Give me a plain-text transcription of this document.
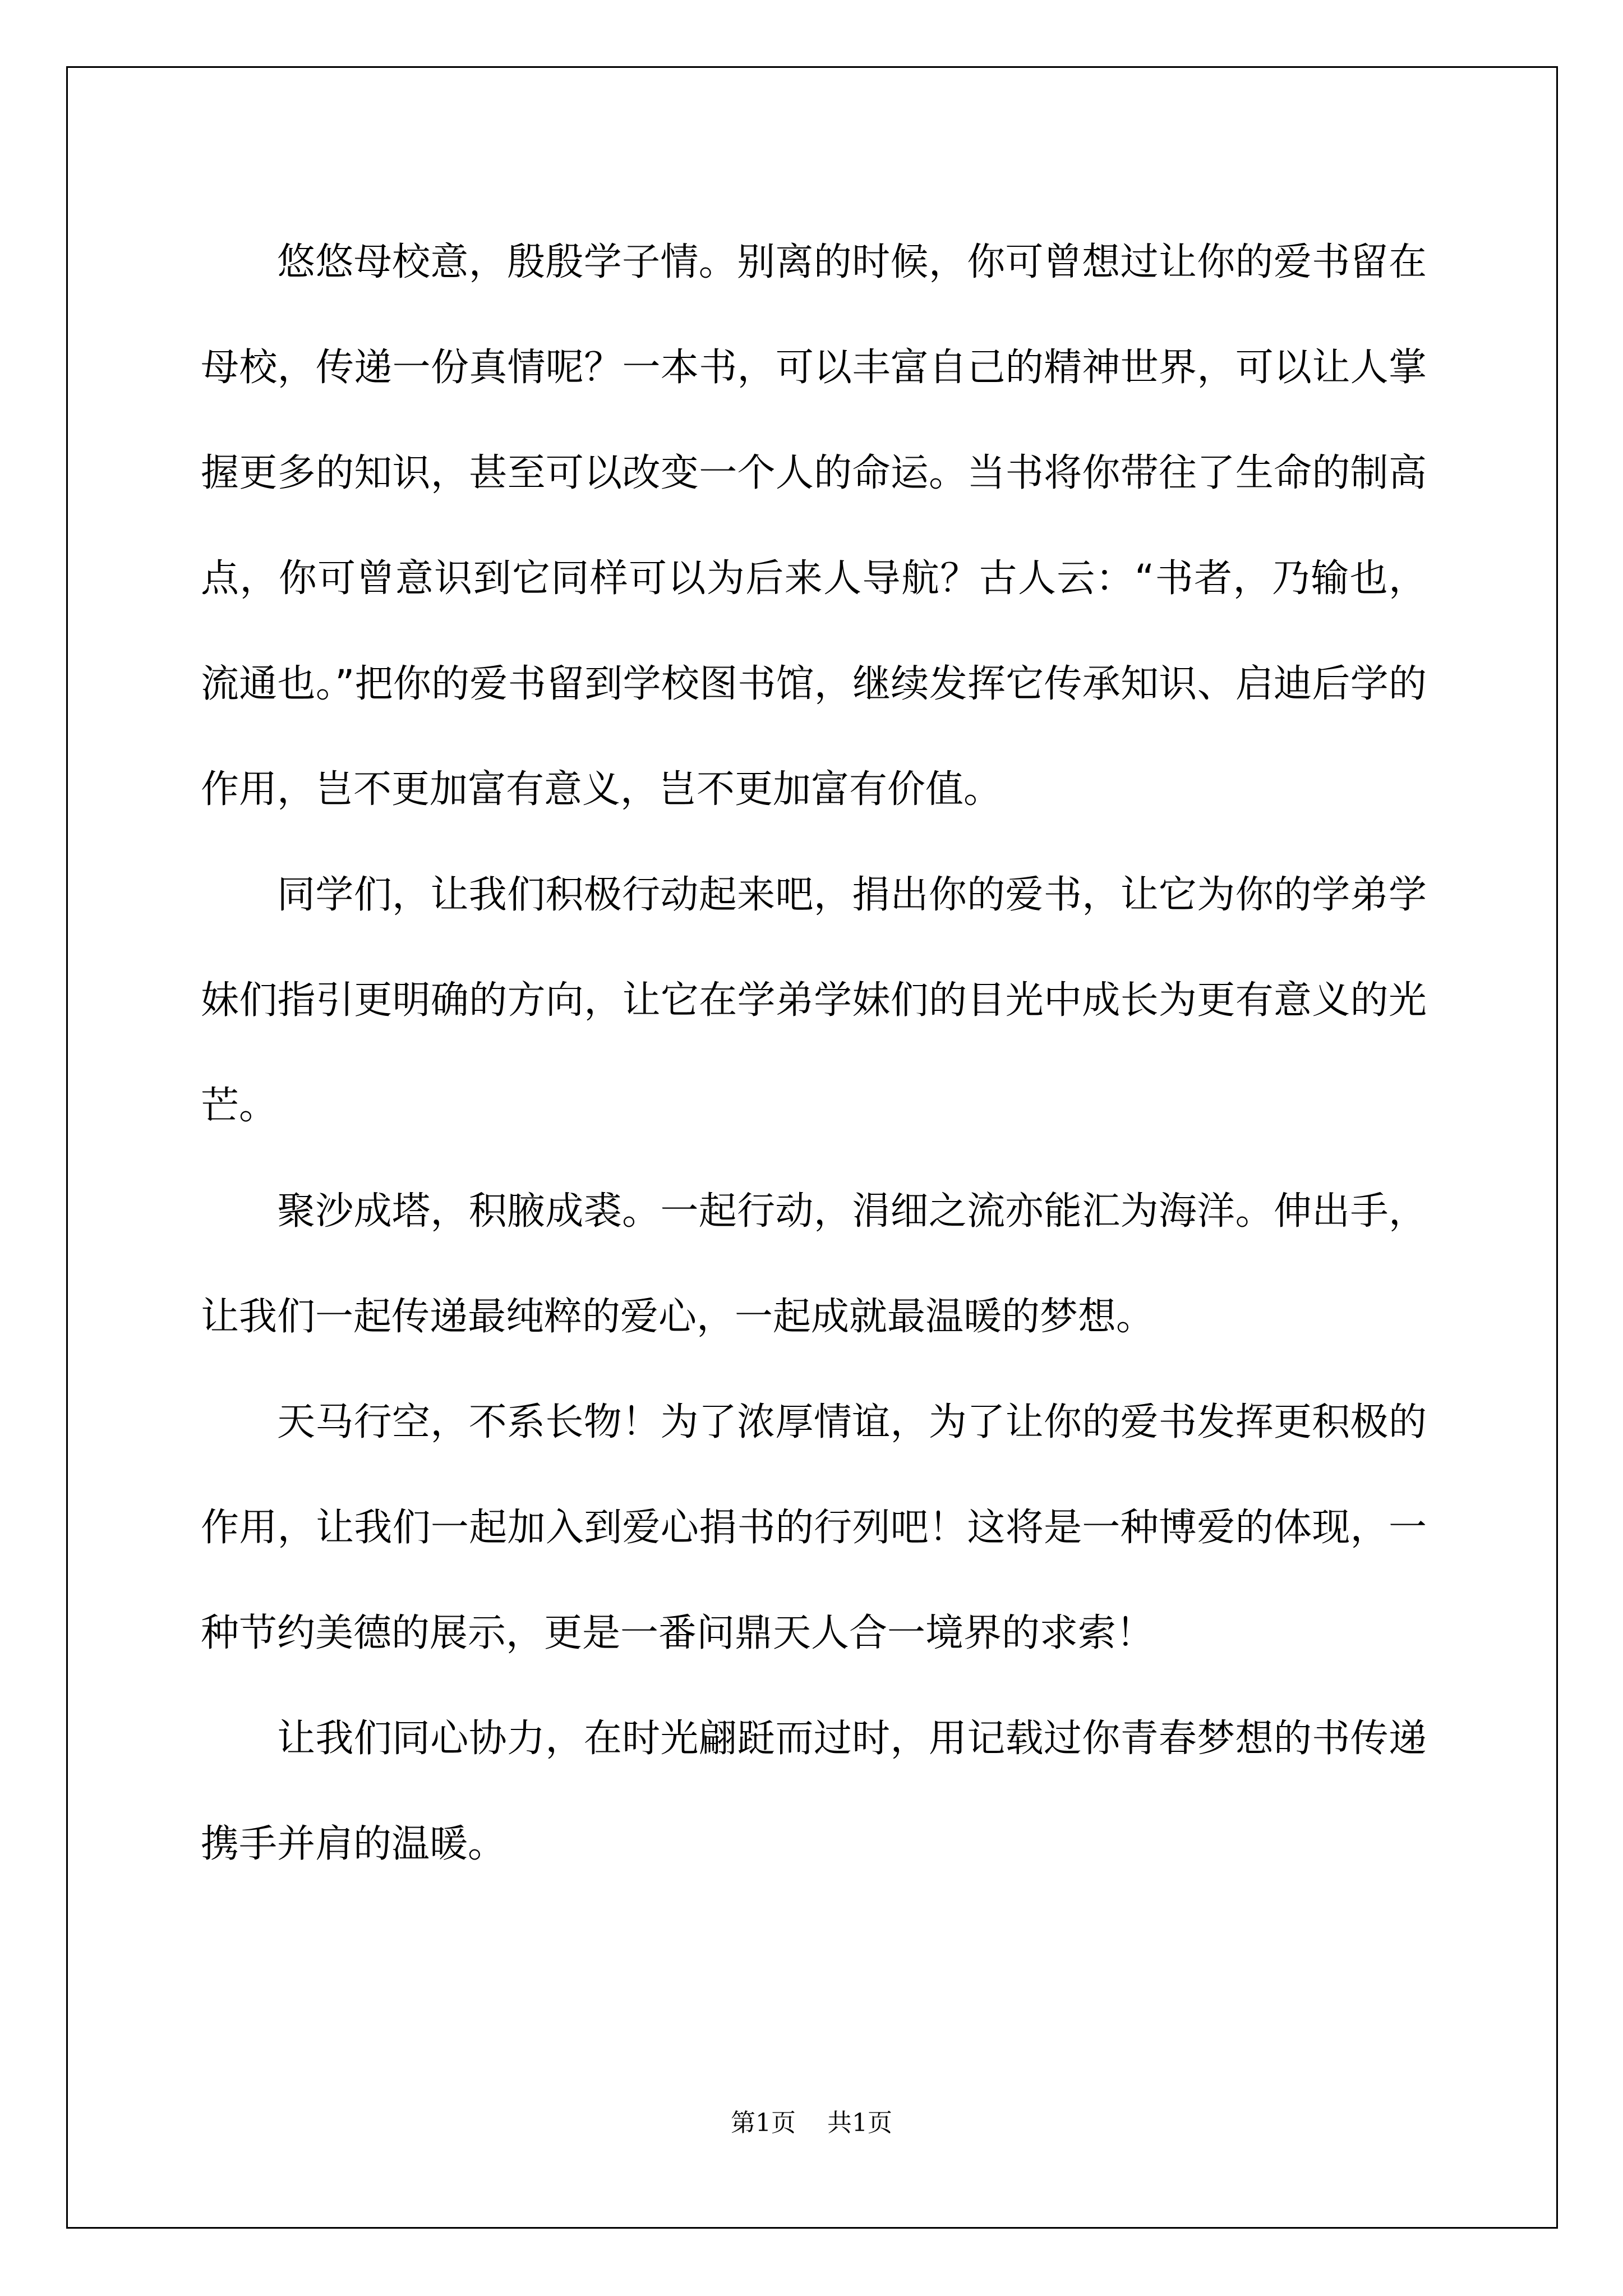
悠悠母校意，殷殷学子情。别离的时候，你可曾想过让你的爱书留在母校，传递一份真情呢？一本书，可以丰富自己的精神世界，可以让人掌握更多的知识，甚至可以改变一个人的命运。当书将你带往了生命的制高点，你可曾意识到它同样可以为后来人导航？古人云：“书者，乃输也，流通也。”把你的爱书留到学校图书馆，继续发挥它传承知识、启迪后学的作用，岂不更加富有意义，岂不更加富有价值。

同学们，让我们积极行动起来吧，捐出你的爱书，让它为你的学弟学妹们指引更明确的方向，让它在学弟学妹们的目光中成长为更有意义的光芒。

聚沙成塔，积腋成裘。一起行动，涓细之流亦能汇为海洋。伸出手，让我们一起传递最纯粹的爱心，一起成就最温暖的梦想。

天马行空，不系长物！为了浓厚情谊，为了让你的爱书发挥更积极的作用，让我们一起加入到爱心捐书的行列吧！这将是一种博爱的体现，一种节约美德的展示，更是一番问鼎天人合一境界的求索！

让我们同心协力，在时光翩跹而过时，用记载过你青春梦想的书传递携手并肩的温暖。

第1页 共1页
